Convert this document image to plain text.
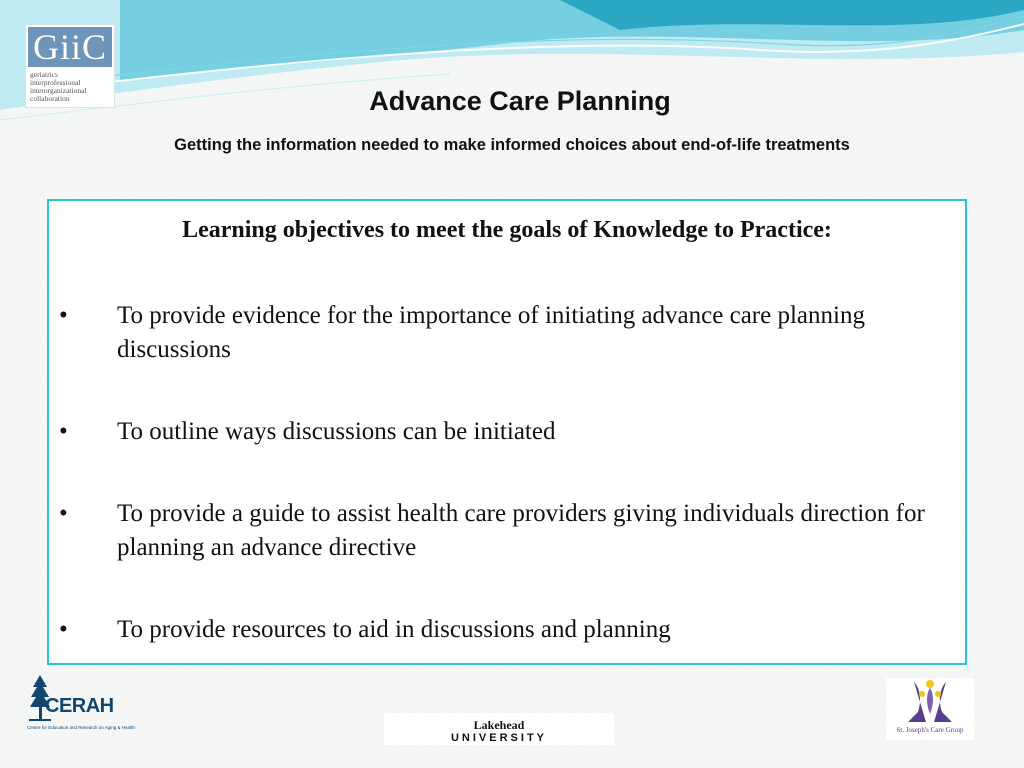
GiiC
geriatrics
interprofessional
interorganizational
collaboration	Advance Care Planning
Getting the information needed to make informed choices about end-of-life treatments
Learning objectives to meet the goals of Knowledge to Practice:
•	To provide evidence for the importance of initiating advance care planning discussions
•	To outline ways discussions can be initiated
•	To provide a guide to assist health care providers giving individuals direction for planning an advance directive
•	To provide resources to aid in discussions and planning
CERAH
Centre for Education and Research on Aging & Health	Lakehead
UNIVERSITY
St. Joseph's Care Group
